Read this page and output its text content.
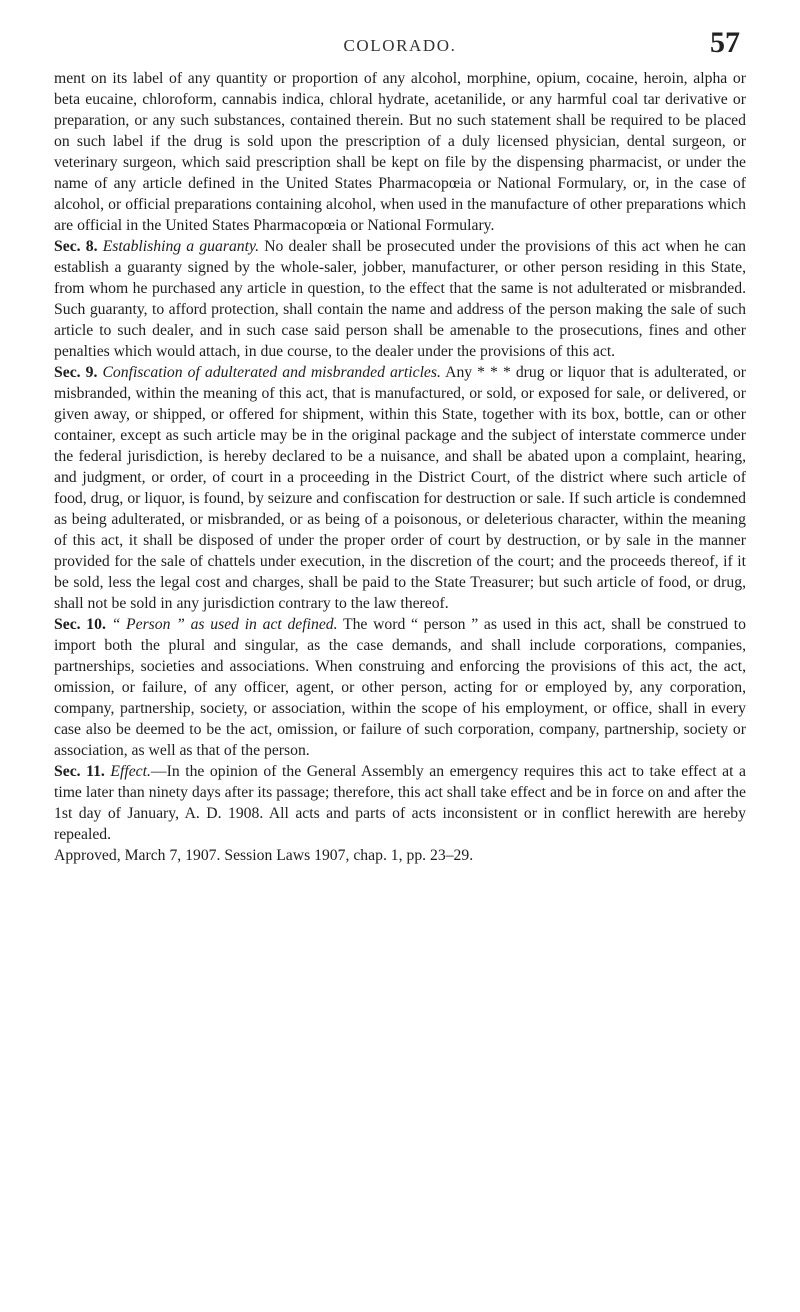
COLORADO.	57

ment on its label of any quantity or proportion of any alcohol, morphine, opium, cocaine, heroin, alpha or beta eucaine, chloroform, cannabis indica, chloral hydrate, acetanilide, or any harmful coal tar derivative or preparation, or any such substances, contained therein. But no such statement shall be required to be placed on such label if the drug is sold upon the prescription of a duly licensed physician, dental surgeon, or veterinary surgeon, which said prescription shall be kept on file by the dispensing pharmacist, or under the name of any article defined in the United States Pharmacopœia or National Formulary, or, in the case of alcohol, or official preparations containing alcohol, when used in the manufacture of other preparations which are official in the United States Pharmacopœia or National Formulary.

Sec. 8. Establishing a guaranty. No dealer shall be prosecuted under the provisions of this act when he can establish a guaranty signed by the whole-saler, jobber, manufacturer, or other person residing in this State, from whom he purchased any article in question, to the effect that the same is not adulterated or misbranded. Such guaranty, to afford protection, shall contain the name and address of the person making the sale of such article to such dealer, and in such case said person shall be amenable to the prosecutions, fines and other penalties which would attach, in due course, to the dealer under the provisions of this act.

Sec. 9. Confiscation of adulterated and misbranded articles. Any * * * drug or liquor that is adulterated, or misbranded, within the meaning of this act, that is manufactured, or sold, or exposed for sale, or delivered, or given away, or shipped, or offered for shipment, within this State, together with its box, bottle, can or other container, except as such article may be in the original package and the subject of interstate commerce under the federal jurisdiction, is hereby declared to be a nuisance, and shall be abated upon a complaint, hearing, and judgment, or order, of court in a proceeding in the District Court, of the district where such article of food, drug, or liquor, is found, by seizure and confiscation for destruction or sale. If such article is condemned as being adulterated, or misbranded, or as being of a poisonous, or deleterious character, within the meaning of this act, it shall be disposed of under the proper order of court by destruction, or by sale in the manner provided for the sale of chattels under execution, in the discretion of the court; and the proceeds thereof, if it be sold, less the legal cost and charges, shall be paid to the State Treasurer; but such article of food, or drug, shall not be sold in any jurisdiction contrary to the law thereof.

Sec. 10. “ Person ” as used in act defined. The word “ person ” as used in this act, shall be construed to import both the plural and singular, as the case demands, and shall include corporations, companies, partnerships, societies and associations. When construing and enforcing the provisions of this act, the act, omission, or failure, of any officer, agent, or other person, acting for or employed by, any corporation, company, partnership, society, or association, within the scope of his employment, or office, shall in every case also be deemed to be the act, omission, or failure of such corporation, company, partnership, society or association, as well as that of the person.

Sec. 11. Effect.—In the opinion of the General Assembly an emergency requires this act to take effect at a time later than ninety days after its passage; therefore, this act shall take effect and be in force on and after the 1st day of January, A. D. 1908. All acts and parts of acts inconsistent or in conflict herewith are hereby repealed.

Approved, March 7, 1907. Session Laws 1907, chap. 1, pp. 23–29.
